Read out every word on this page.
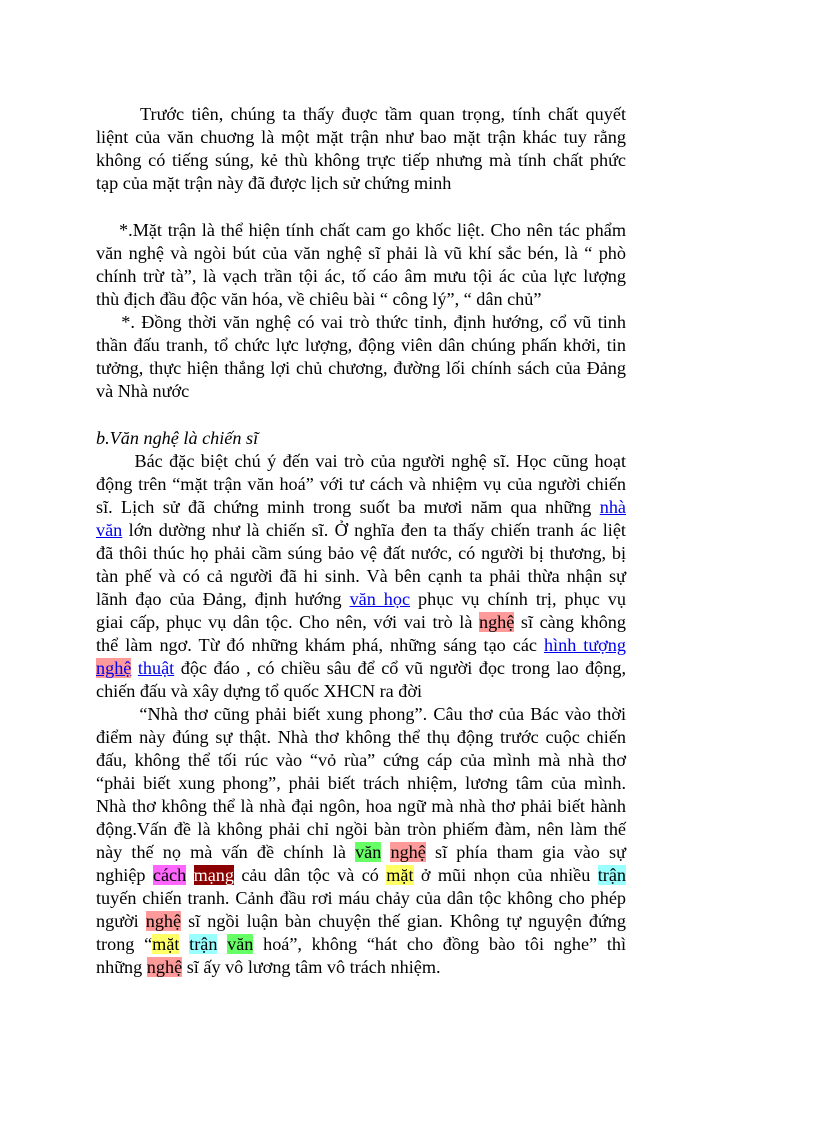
Trước tiên, chúng ta thấy đuợc tầm quan trọng, tính chất quyết
liệnt của văn chuơng là một mặt trận như bao mặt trận khác tuy rằng
không có tiếng súng, kẻ thù không trực tiếp nhưng mà tính chất phức
tạp của mặt trận này đã được lịch sử chứng minh
*.Mặt trận là thể hiện tính chất cam go khốc liệt. Cho nên tác phẩm
văn nghệ và ngòi bút của văn nghệ sĩ phải là vũ khí sắc bén, là “ phò
chính trừ tà”, là vạch trần tội ác, tố cáo âm mưu tội ác của lực lượng
thù địch đầu độc văn hóa, về chiêu bài “ công lý”, “ dân chủ”
*. Đồng thời văn nghệ có vai trò thức tỉnh, định hướng, cổ vũ tinh
thần đấu tranh, tổ chức lực lượng, động viên dân chúng phấn khởi, tin
tưởng, thực hiện thắng lợi chủ chương, đường lối chính sách của Đảng
và Nhà nước
b.Văn nghệ là chiến sĩ
Bác đặc biệt chú ý đến vai trò của người nghệ sĩ. Học cũng hoạt
động trên “mặt trận văn hoá” với tư cách và nhiệm vụ của người chiến
sĩ. Lịch sử đã chứng minh trong suốt ba mươi năm qua những nhà
văn lớn dường như là chiến sĩ. Ở nghĩa đen ta thấy chiến tranh ác liệt
đã thôi thúc họ phải cầm súng bảo vệ đất nước, có người bị thương, bị
tàn phế và có cả người đã hi sinh. Và bên cạnh ta phải thừa nhận sự
lãnh đạo của Đảng, định hướng văn học phục vụ chính trị, phục vụ
giai cấp, phục vụ dân tộc. Cho nên, với vai trò là nghệ sĩ càng không
thể làm ngơ. Từ đó những khám phá, những sáng tạo các hình tượng
nghệ thuật độc đáo , có chiều sâu để cổ vũ người đọc trong lao động,
chiến đấu và xây dựng tổ quốc XHCN ra đời
“Nhà thơ cũng phải biết xung phong”. Câu thơ của Bác vào thời
điểm này đúng sự thật. Nhà thơ không thể thụ động trước cuộc chiến
đấu, không thể tối rúc vào “vỏ rùa” cứng cáp của mình mà nhà thơ
“phải biết xung phong”, phải biết trách nhiệm, lương tâm của mình.
Nhà thơ không thể là nhà đại ngôn, hoa ngữ mà nhà thơ phải biết hành
động.Vấn đề là không phải chỉ ngồi bàn tròn phiếm đàm, nên làm thế
này thế nọ mà vấn đề chính là văn nghệ sĩ phía tham gia vào sự
nghiệp cách mạng cảu dân tộc và có mặt ở mũi nhọn của nhiều trận
tuyến chiến tranh. Cảnh đầu rơi máu chảy của dân tộc không cho phép
người nghệ sĩ ngồi luận bàn chuyện thế gian. Không tự nguyện đứng
trong “mặt trận văn hoá”, không “hát cho đồng bào tôi nghe” thì
những nghệ sĩ ấy vô lương tâm vô trách nhiệm.
